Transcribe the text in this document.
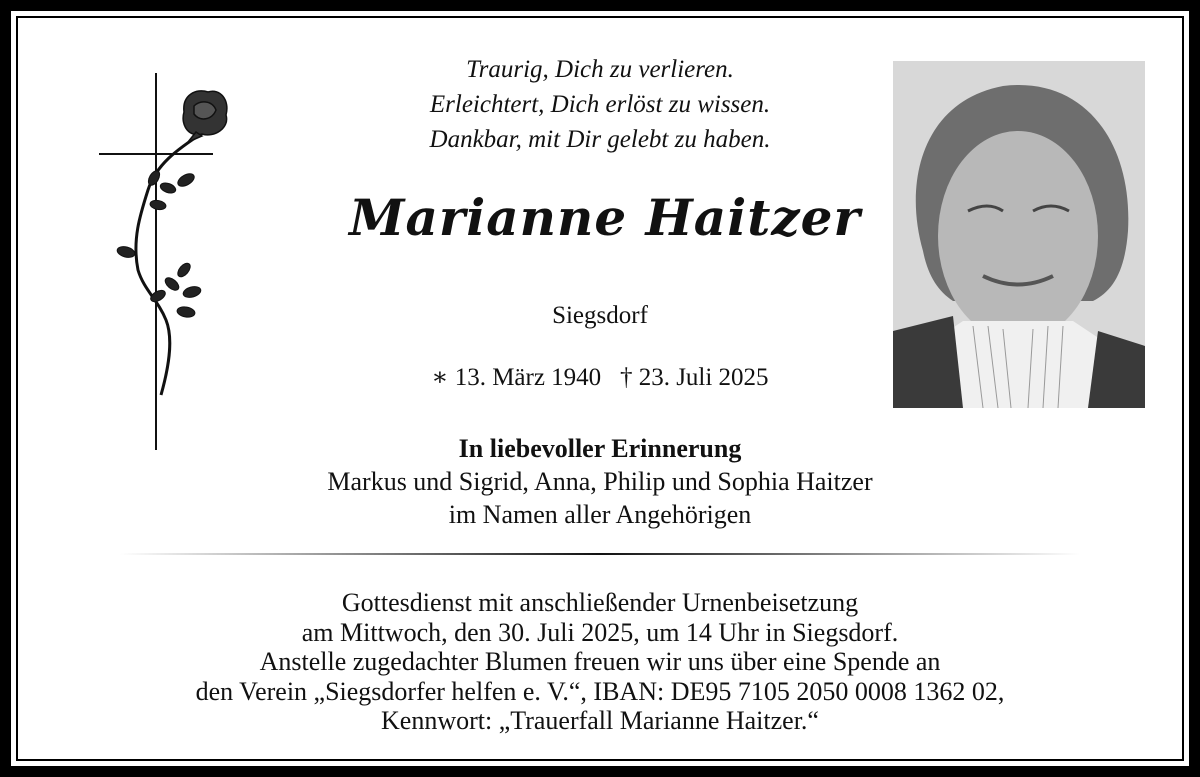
Traurig, Dich zu verlieren.
Erleichtert, Dich erlöst zu wissen.
Dankbar, mit Dir gelebt zu haben.
Marianne Haitzer
Siegsdorf
∗ 13. März 1940 † 23. Juli 2025
In liebevoller Erinnerung
Markus und Sigrid, Anna, Philip und Sophia Haitzer
im Namen aller Angehörigen
Gottesdienst mit anschließender Urnenbeisetzung
am Mittwoch, den 30. Juli 2025, um 14 Uhr in Siegsdorf.
Anstelle zugedachter Blumen freuen wir uns über eine Spende an
den Verein „Siegsdorfer helfen e. V.“, IBAN: DE95 7105 2050 0008 1362 02,
Kennwort: „Trauerfall Marianne Haitzer.“
